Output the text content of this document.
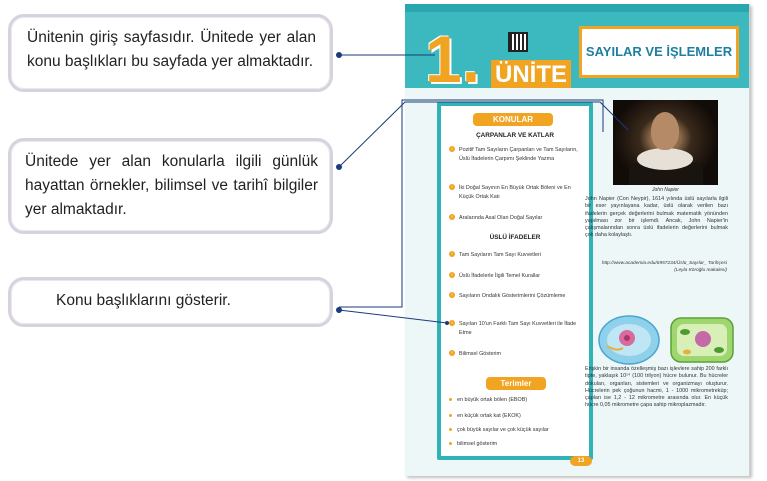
Ünitenin giriş sayfasıdır. Ünitede yer alan konu başlıkları bu sayfada yer almaktadır.
Ünitede yer alan konularla ilgili günlük hayattan örnekler, bilimsel ve tarihî bilgiler yer almaktadır.
Konu başlıklarını gösterir.
1. ÜNİTE
SAYILAR VE İŞLEMLER
KONULAR
ÇARPANLAR VE KATLAR
›	Pozitif Tam Sayıların Çarpanları ve Tam Sayıların, Üslü İfadelerin Çarpımı Şeklinde Yazma
›	İki Doğal Sayının En Büyük Ortak Böleni ve En Küçük Ortak Katı
›	Aralarında Asal Olan Doğal Sayılar
ÜSLÜ İFADELER
›	Tam Sayıların Tam Sayı Kuvvetleri
›	Üslü İfadelerle İlgili Temel Kurallar
›	Sayıların Ondalık Gösterimlerini Çözümleme
›	Sayıları 10'un Farklı Tam Sayı Kuvvetleri ile İfade Etme
›	Bilimsel Gösterim
Terimler
en büyük ortak bölen (EBOB)
en küçük ortak kat (EKOK)
çok büyük sayılar ve çok küçük sayılar
bilimsel gösterim
John Napier
John Napier (Con Neypir), 1614 yılında üslü sayılarla ilgili bir eser yayınlayana kadar, üslü olarak verilen bazı ifadelerin gerçek değerlerini bulmak matematik yönünden yapılması zor bir işlemdi. Ancak, John Napier'in çalışmalarından sonra üslü ifadelerin değerlerini bulmak çok daha kolaylaştı.
http://www.academia.edu/6957234/Üslü_Sayılar_ Tarihçesi (Leyla Köroğlu makalesi)
Erişkin bir insanda özelleşmiş bazı işlevlere sahip 200 farklı tipte, yaklaşık 10¹⁴ (100 trilyon) hücre bulunur. Bu hücreler dokuları, organları, sistemleri ve organizmayı oluşturur. Hücrelerin pek çoğunun hacmi, 1 - 1000 mikrometreküp; çapları ise 1,2 - 12 mikrometre arasında olur. En küçük hücre 0,05 mikrometre çapa sahip mikroplazmadır.
13
